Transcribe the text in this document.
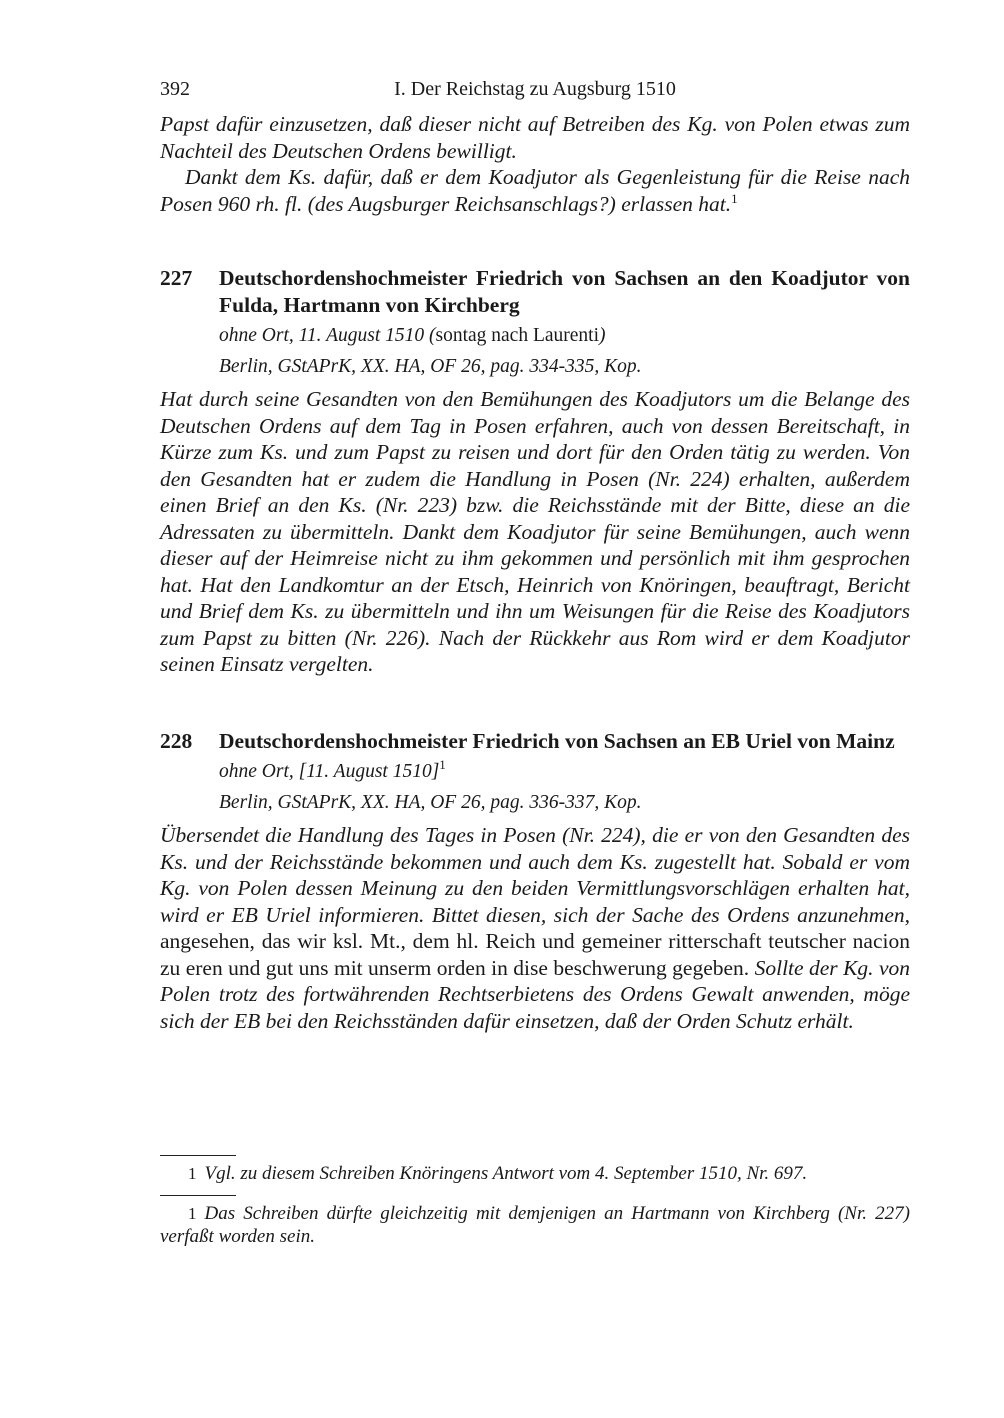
392	I. Der Reichstag zu Augsburg 1510

Papst dafür einzusetzen, daß dieser nicht auf Betreiben des Kg. von Polen etwas zum Nachteil des Deutschen Ordens bewilligt.

Dankt dem Ks. dafür, daß er dem Koadjutor als Gegenleistung für die Reise nach Posen 960 rh. fl. (des Augsburger Reichsanschlags?) erlassen hat.$^1$

227	Deutschordenshochmeister Friedrich von Sachsen an den Koadjutor von Fulda, Hartmann von Kirchberg

ohne Ort, 11. August 1510 (sontag nach Laurenti)

Berlin, GStAPrK, XX. HA, OF 26, pag. 334-335, Kop.

Hat durch seine Gesandten von den Bemühungen des Koadjutors um die Belange des Deutschen Ordens auf dem Tag in Posen erfahren, auch von dessen Bereitschaft, in Kürze zum Ks. und zum Papst zu reisen und dort für den Orden tätig zu werden. Von den Gesandten hat er zudem die Handlung in Posen (Nr. 224) erhalten, außerdem einen Brief an den Ks. (Nr. 223) bzw. die Reichsstände mit der Bitte, diese an die Adressaten zu übermitteln. Dankt dem Koadjutor für seine Bemühungen, auch wenn dieser auf der Heimreise nicht zu ihm gekommen und persönlich mit ihm gesprochen hat. Hat den Landkomtur an der Etsch, Heinrich von Knöringen, beauftragt, Bericht und Brief dem Ks. zu übermitteln und ihn um Weisungen für die Reise des Koadjutors zum Papst zu bitten (Nr. 226). Nach der Rückkehr aus Rom wird er dem Koadjutor seinen Einsatz vergelten.

228	Deutschordenshochmeister Friedrich von Sachsen an EB Uriel von Mainz

ohne Ort, [11. August 1510]$^1$

Berlin, GStAPrK, XX. HA, OF 26, pag. 336-337, Kop.

Übersendet die Handlung des Tages in Posen (Nr. 224), die er von den Gesandten des Ks. und der Reichsstände bekommen und auch dem Ks. zugestellt hat. Sobald er vom Kg. von Polen dessen Meinung zu den beiden Vermittlungsvorschlägen erhalten hat, wird er EB Uriel informieren. Bittet diesen, sich der Sache des Ordens anzunehmen, angesehen, das wir ksl. Mt., dem hl. Reich und gemeiner ritterschaft teutscher nacion zu eren und gut uns mit unserm orden in dise beschwerung gegeben. Sollte der Kg. von Polen trotz des fortwährenden Rechtserbietens des Ordens Gewalt anwenden, möge sich der EB bei den Reichsständen dafür einsetzen, daß der Orden Schutz erhält.

1 Vgl. zu diesem Schreiben Knöringens Antwort vom 4. September 1510, Nr. 697.

1 Das Schreiben dürfte gleichzeitig mit demjenigen an Hartmann von Kirchberg (Nr. 227) verfaßt worden sein.
